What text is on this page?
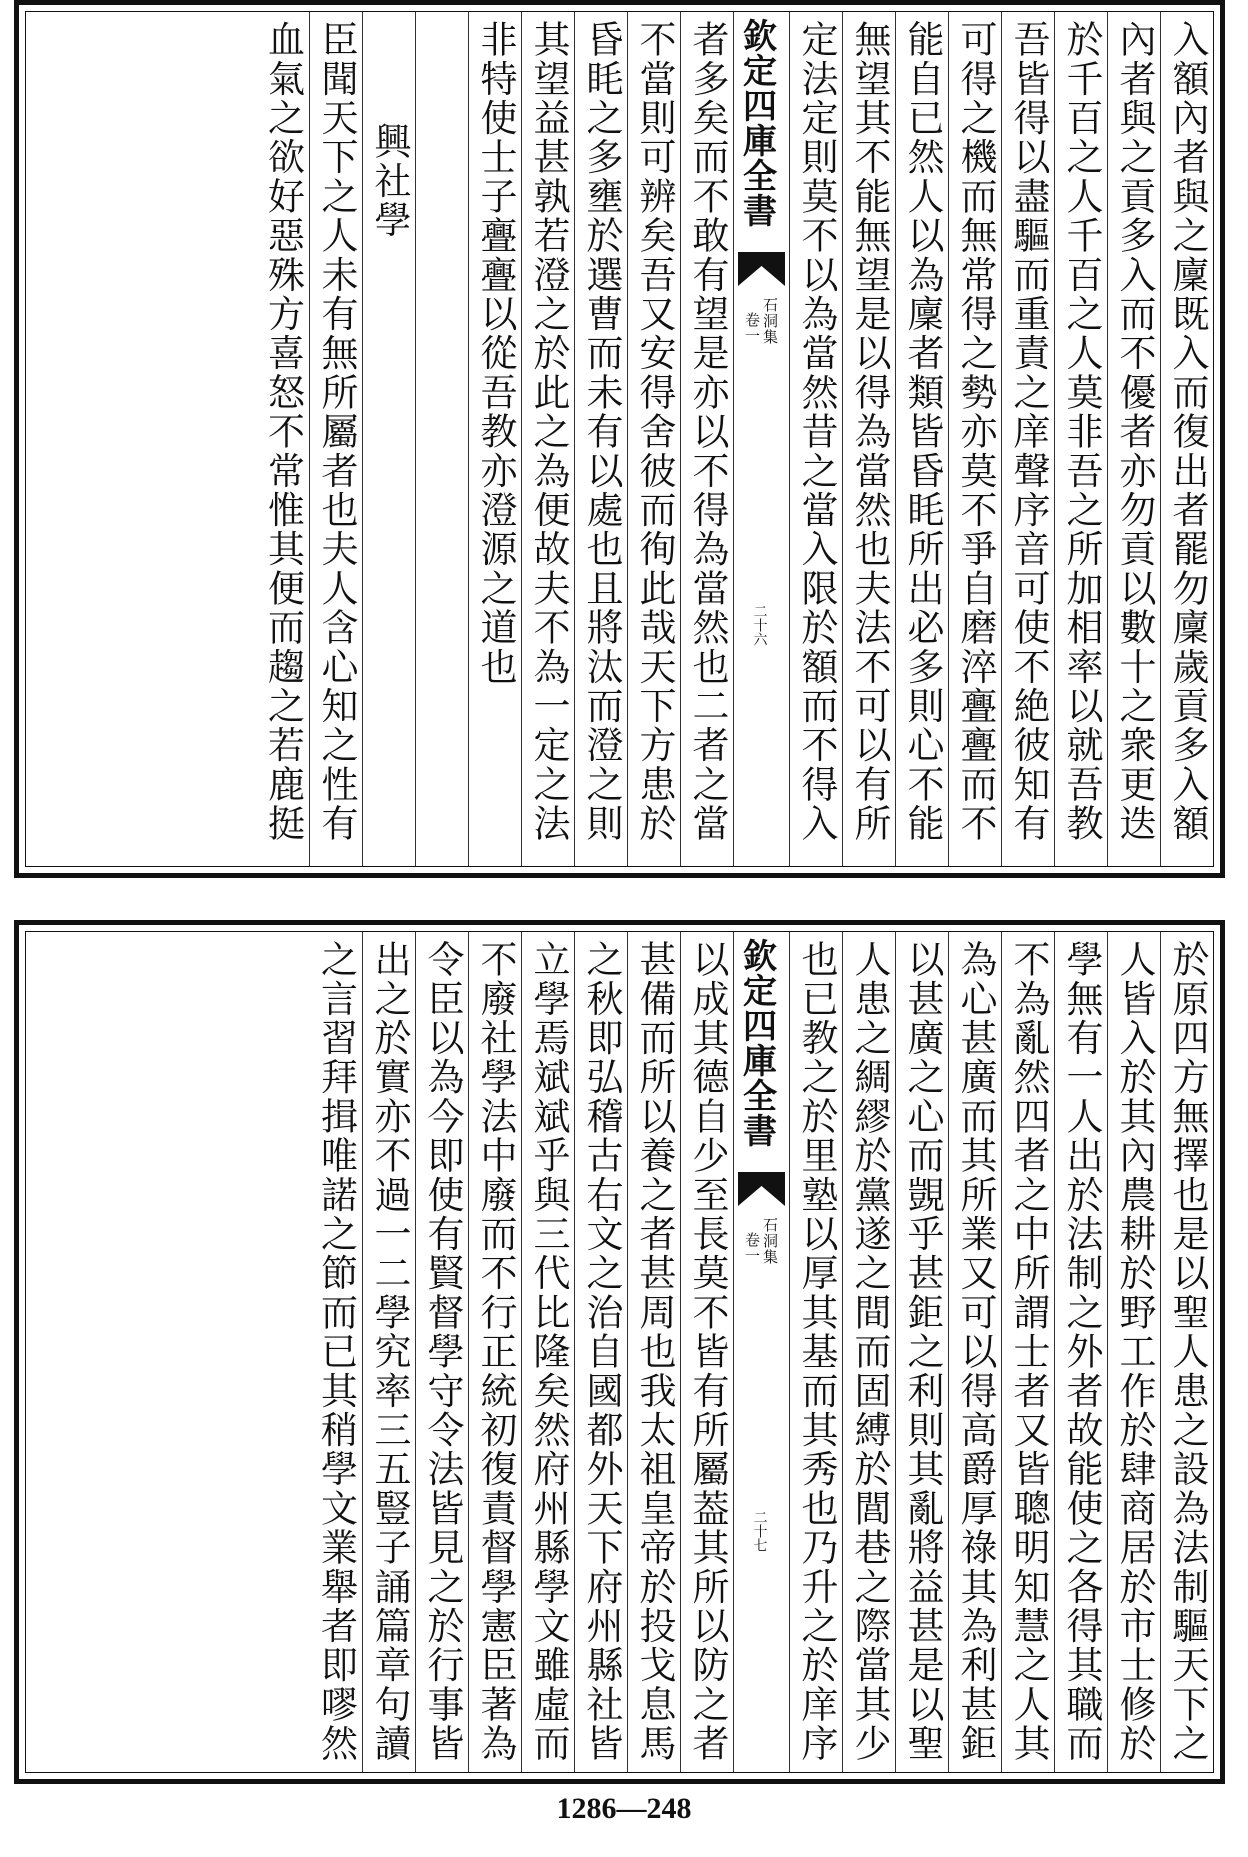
入額內者與之廩既入而復出者罷勿廩歲貢多入額
內者與之貢多入而不優者亦勿貢以數十之衆更迭
於千百之人千百之人莫非吾之所加相率以就吾教
吾皆得以盡驅而重責之庠聲序音可使不絶彼知有
可得之機而無常得之勢亦莫不爭自磨淬亹亹而不
能自已然人以為廩者類皆昏眊所出必多則心不能
無望其不能無望是以得為當然也夫法不可以有所
定法定則莫不以為當然昔之當入限於額而不得入
欽定四庫全書
石洞集
卷一
二十六
者多矣而不敢有望是亦以不得為當然也二者之當
不當則可辨矣吾又安得舍彼而徇此哉天下方患於
昏眊之多壅於選曹而未有以處也且將汰而澄之則
其望益甚孰若澄之於此之為便故夫不為一定之法
非特使士子亹亹以從吾教亦澄源之道也
興社學
臣聞天下之人未有無所屬者也夫人含心知之性有
血氣之欲好惡殊方喜怒不常惟其便而趨之若鹿挺
於原四方無擇也是以聖人患之設為法制驅天下之
人皆入於其內農耕於野工作於肆商居於市士修於
學無有一人出於法制之外者故能使之各得其職而
不為亂然四者之中所謂士者又皆聰明知慧之人其
為心甚廣而其所業又可以得高爵厚祿其為利甚鉅
以甚廣之心而覬乎甚鉅之利則其亂將益甚是以聖
人患之綢繆於黨遂之間而固縛於閭巷之際當其少
也已教之於里塾以厚其基而其秀也乃升之於庠序
欽定四庫全書
石洞集
卷一
二十七
以成其德自少至長莫不皆有所屬葢其所以防之者
甚備而所以養之者甚周也我太祖皇帝於投戈息馬
之秋即弘稽古右文之治自國都外天下府州縣社皆
立學焉斌斌乎與三代比隆矣然府州縣學文雖虛而
不廢社學法中廢而不行正統初復責督學憲臣著為
令臣以為今即使有賢督學守令法皆見之於行事皆
出之於實亦不過一二學究率三五豎子誦篇章句讀
之言習拜揖唯諾之節而已其稍學文業舉者即嘐然
1286—248
